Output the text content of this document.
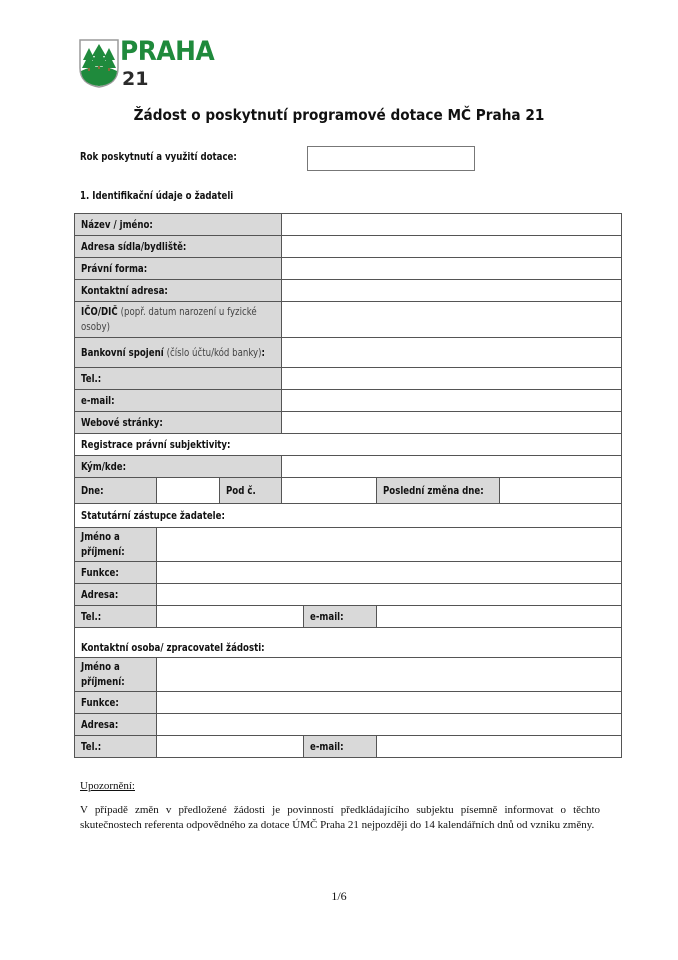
PRAHA
21
Žádost o poskytnutí programové dotace MČ Praha 21
Rok poskytnutí a využití dotace:
1. Identifikační údaje o žadateli
Název / jméno:						
Adresa sídla/bydliště:						
Právní forma:						
Kontaktní adresa:						
IČO/DIČ (popř. datum narození u fyzické osoby)						
Bankovní spojení (číslo účtu/kód banky):						
Tel.:						
e-mail:						
Webové stránky:						
Registrace právní subjektivity:						
Kým/kde:						
Dne:		Pod č.			Poslední změna dne:	
Statutární zástupce žadatele:						
Jméno a příjmení:						
Funkce:						
Adresa:						
Tel.:				e-mail:		
Kontaktní osoba/ zpracovatel žádosti:						
Jméno a příjmení:						
Funkce:						
Adresa:						
Tel.:				e-mail:		
Upozornění:
V případě změn v předložené žádosti je povinností předkládajícího subjektu písemně informovat o těchto skutečnostech referenta odpovědného za dotace ÚMČ Praha 21 nejpozději do 14 kalendářních dnů od vzniku změny.
1/6
